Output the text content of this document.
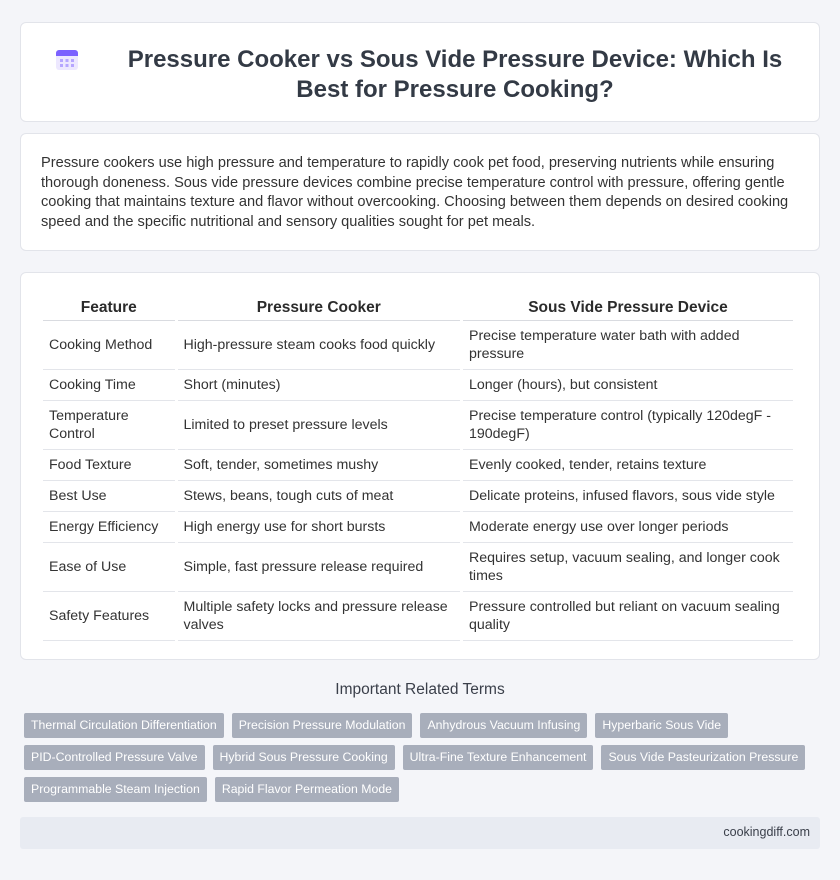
Pressure Cooker vs Sous Vide Pressure Device: Which Is Best for Pressure Cooking?

Pressure cookers use high pressure and temperature to rapidly cook pet food, preserving nutrients while ensuring thorough doneness. Sous vide pressure devices combine precise temperature control with pressure, offering gentle cooking that maintains texture and flavor without overcooking. Choosing between them depends on desired cooking speed and the specific nutritional and sensory qualities sought for pet meals.

Feature	Pressure Cooker	Sous Vide Pressure Device
Cooking Method	High-pressure steam cooks food quickly	Precise temperature water bath with added pressure
Cooking Time	Short (minutes)	Longer (hours), but consistent
Temperature Control	Limited to preset pressure levels	Precise temperature control (typically 120degF - 190degF)
Food Texture	Soft, tender, sometimes mushy	Evenly cooked, tender, retains texture
Best Use	Stews, beans, tough cuts of meat	Delicate proteins, infused flavors, sous vide style
Energy Efficiency	High energy use for short bursts	Moderate energy use over longer periods
Ease of Use	Simple, fast pressure release required	Requires setup, vacuum sealing, and longer cook times
Safety Features	Multiple safety locks and pressure release valves	Pressure controlled but reliant on vacuum sealing quality
Important Related Terms
Thermal Circulation Differentiation	Precision Pressure Modulation	Anhydrous Vacuum Infusing	Hyperbaric Sous Vide
PID-Controlled Pressure Valve	Hybrid Sous Pressure Cooking	Ultra-Fine Texture Enhancement	Sous Vide Pasteurization Pressure
Programmable Steam Injection	Rapid Flavor Permeation Mode
cookingdiff.com
